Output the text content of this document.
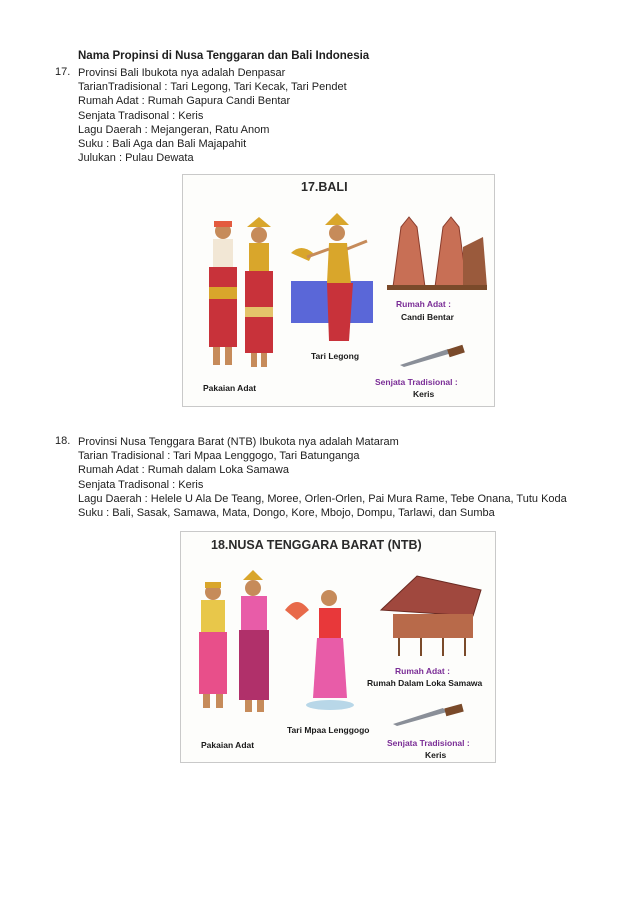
Nama Propinsi di Nusa Tenggaran dan Bali Indonesia
17. Provinsi Bali Ibukota nya adalah Denpasar
TarianTradisional : Tari Legong, Tari Kecak, Tari Pendet
Rumah Adat : Rumah Gapura Candi Bentar
Senjata Tradisonal : Keris
Lagu Daerah : Mejangeran, Ratu Anom
Suku : Bali Aga dan Bali Majapahit
Julukan : Pulau Dewata
17.BALI
Pakaian Adat
Tari Legong
Rumah Adat :
Candi Bentar
Senjata Tradisional :
Keris
18. Provinsi Nusa Tenggara Barat (NTB) Ibukota nya adalah Mataram
Tarian Tradisional : Tari Mpaa Lenggogo, Tari Batunganga
Rumah Adat : Rumah dalam Loka Samawa
Senjata Tradisonal : Keris
Lagu Daerah : Helele U Ala De Teang, Moree, Orlen-Orlen, Pai Mura Rame, Tebe Onana, Tutu Koda
Suku : Bali, Sasak, Samawa, Mata, Dongo, Kore, Mbojo, Dompu, Tarlawi, dan Sumba
18.NUSA TENGGARA BARAT (NTB)
Pakaian Adat
Tari Mpaa Lenggogo
Rumah Adat :
Rumah Dalam Loka Samawa
Senjata Tradisional :
Keris
